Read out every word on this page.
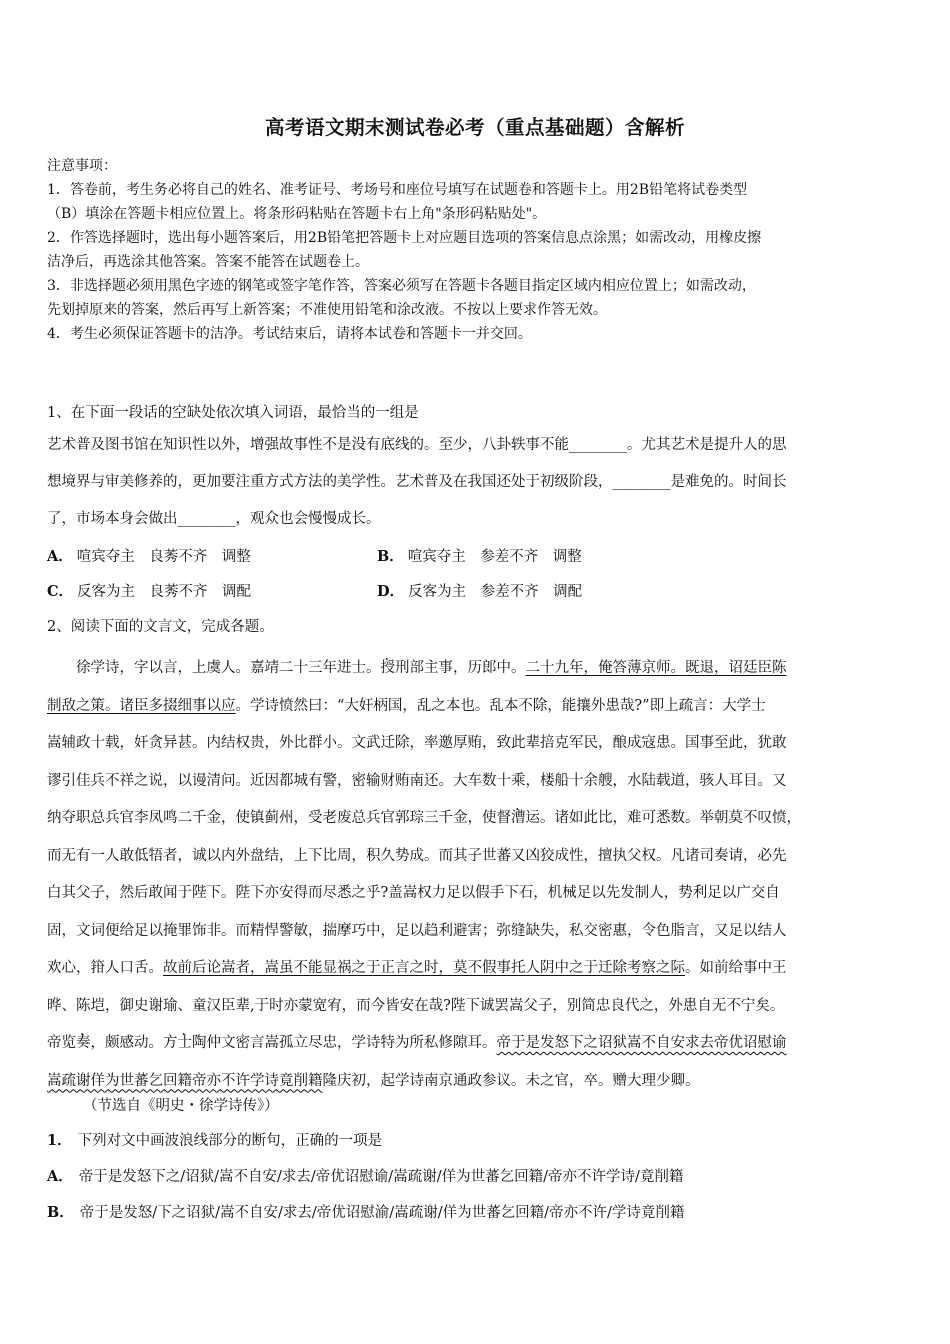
高考语文期末测试卷必考（重点基础题）含解析
注意事项：
1．答卷前，考生务必将自己的姓名、准考证号、考场号和座位号填写在试题卷和答题卡上。用2B铅笔将试卷类型
（B）填涂在答题卡相应位置上。将条形码粘贴在答题卡右上角"条形码粘贴处"。
2．作答选择题时，选出每小题答案后，用2B铅笔把答题卡上对应题目选项的答案信息点涂黑；如需改动，用橡皮擦
洁净后，再选涂其他答案。答案不能答在试题卷上。
3．非选择题必须用黑色字迹的钢笔或签字笔作答，答案必须写在答题卡各题目指定区域内相应位置上；如需改动，
先划掉原来的答案，然后再写上新答案；不准使用铅笔和涂改液。不按以上要求作答无效。
4．考生必须保证答题卡的洁净。考试结束后，请将本试卷和答题卡一并交回。
1、在下面一段话的空缺处依次填入词语，最恰当的一组是
艺术普及图书馆在知识性以外，增强故事性不是没有底线的。至少，八卦轶事不能________。尤其艺术是提升人的思
想境界与审美修养的，更加要注重方式方法的美学性。艺术普及在我国还处于初级阶段，________是难免的。时间长
了，市场本身会做出________，观众也会慢慢成长。
A． 喧宾夺主　良莠不齐　调整	B． 喧宾夺主　参差不齐　调整
C． 反客为主　良莠不齐　调配	D． 反客为主　参差不齐　调配
2、阅读下面的文言文，完成各题。
　　徐学诗，字以言，上虞人。嘉靖二十三年进士。授刑部主事，历郎中。二十九年，俺答薄京师。既退，诏廷臣陈
制敌之策。诸臣多掇细事以应。学诗愤然曰：“大奸柄国，乱之本也。乱本不除，能攘外患哉?”即上疏言：大学士
嵩辅政十载，奸贪异甚。内结权贵，外比群小。文武迁除，率邀厚贿，致此辈掊克军民，酿成寇患。国事至此，犹敢
谬引佳兵不祥之说，以谩清问。近因都城有警，密输财贿南还。大车数十乘，楼船十余艘，水陆载道，骇人耳目。又
纳夺职总兵官李凤鸣二千金，使镇蓟州，受老废总兵官郭琮三千金，使督漕运。诸如此比，难可悉数。举朝莫不叹愤，
而无有一人敢低牾者，诚以内外盘结，上下比周，积久势成。而其子世蕃又凶狡成性，擅执父权。凡诸司奏请，必先
白其父子，然后敢闻于陛下。陛下亦安得而尽悉之乎?盖嵩权力足以假手下石，机械足以先发制人，势利足以广交自
固，文词便给足以掩罪饰非。而精悍警敏，揣摩巧中，足以趋利避害；弥缝缺失，私交密惠，令色脂言，又足以结人
欢心，箝人口舌。故前后论嵩者，嵩虽不能显祸之于正言之时，莫不假事托人阴中之于迁除考察之际。如前给事中王
晔、陈垲，御史谢瑜、童汉臣辈,于时亦蒙宽宥，而今皆安在哉?陛下诚罢嵩父子，别简忠良代之，外患自无不宁矣。
帝览奏，颇感动。方士陶仲文密言嵩孤立尽忠，学诗特为所私修隙耳。帝于是发怒下之诏狱嵩不自安求去帝优诏慰谕
嵩疏谢佯为世蕃乞回籍帝亦不许学诗竟削籍隆庆初，起学诗南京通政参议。未之官，卒。赠大理少卿。
（节选自《明史・徐学诗传》）
1． 下列对文中画波浪线部分的断句，正确的一项是
A． 帝于是发怒下之/诏狱/嵩不自安/求去/帝优诏慰谕/嵩疏谢/佯为世蕃乞回籍/帝亦不许学诗/竟削籍
B． 帝于是发怒/下之诏狱/嵩不自安/求去/帝优诏慰渝/嵩疏谢/佯为世蕃乞回籍/帝亦不许/学诗竟削籍
